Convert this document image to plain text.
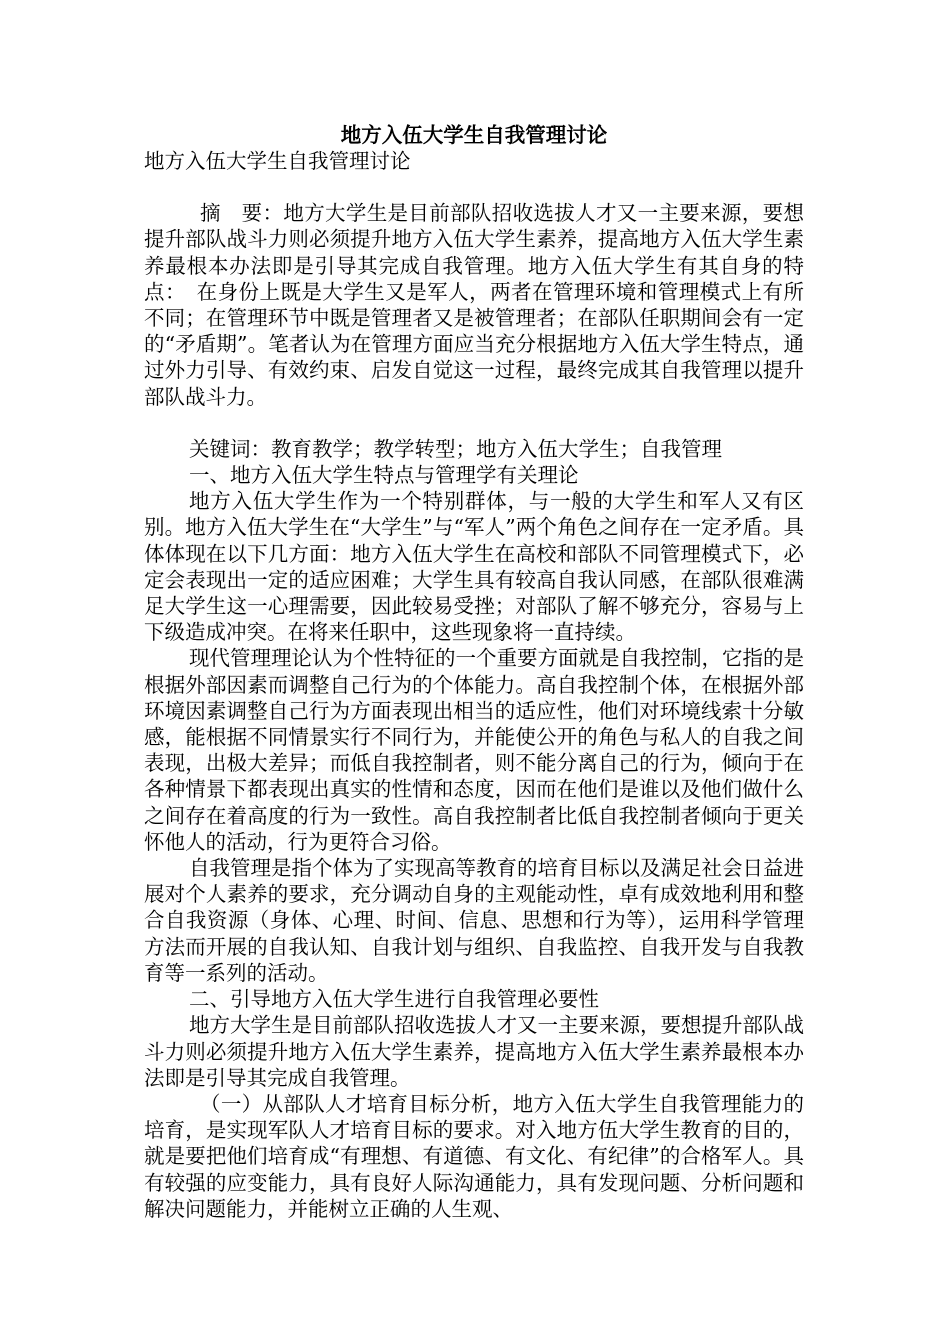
地方入伍大学生自我管理讨论

地方入伍大学生自我管理讨论

摘　要：地方大学生是目前部队招收选拔人才又一主要来源，要想提升部队战斗力则必须提升地方入伍大学生素养，提高地方入伍大学生素养最根本办法即是引导其完成自我管理。地方入伍大学生有其自身的特点：　在身份上既是大学生又是军人，两者在管理环境和管理模式上有所不同；在管理环节中既是管理者又是被管理者；在部队任职期间会有一定的“矛盾期”。笔者认为在管理方面应当充分根据地方入伍大学生特点，通过外力引导、有效约束、启发自觉这一过程，最终完成其自我管理以提升部队战斗力。

关键词：教育教学；教学转型；地方入伍大学生；自我管理

一、地方入伍大学生特点与管理学有关理论

地方入伍大学生作为一个特别群体，与一般的大学生和军人又有区别。地方入伍大学生在“大学生”与“军人”两个角色之间存在一定矛盾。具体体现在以下几方面：地方入伍大学生在高校和部队不同管理模式下，必定会表现出一定的适应困难；大学生具有较高自我认同感，在部队很难满足大学生这一心理需要，因此较易受挫；对部队了解不够充分，容易与上下级造成冲突。在将来任职中，这些现象将一直持续。

现代管理理论认为个性特征的一个重要方面就是自我控制，它指的是根据外部因素而调整自己行为的个体能力。高自我控制个体，在根据外部环境因素调整自己行为方面表现出相当的适应性，他们对环境线索十分敏感，能根据不同情景实行不同行为，并能使公开的角色与私人的自我之间表现，出极大差异；而低自我控制者，则不能分离自己的行为，倾向于在各种情景下都表现出真实的性情和态度，因而在他们是谁以及他们做什么之间存在着高度的行为一致性。高自我控制者比低自我控制者倾向于更关怀他人的活动，行为更符合习俗。

自我管理是指个体为了实现高等教育的培育目标以及满足社会日益进展对个人素养的要求，充分调动自身的主观能动性，卓有成效地利用和整合自我资源（身体、心理、时间、信息、思想和行为等），运用科学管理方法而开展的自我认知、自我计划与组织、自我监控、自我开发与自我教育等一系列的活动。

二、引导地方入伍大学生进行自我管理必要性

地方大学生是目前部队招收选拔人才又一主要来源，要想提升部队战斗力则必须提升地方入伍大学生素养，提高地方入伍大学生素养最根本办法即是引导其完成自我管理。

（一）从部队人才培育目标分析，地方入伍大学生自我管理能力的培育，是实现军队人才培育目标的要求。对入地方伍大学生教育的目的，就是要把他们培育成“有理想、有道德、有文化、有纪律”的合格军人。具有较强的应变能力，具有良好人际沟通能力，具有发现问题、分析问题和解决问题能力，并能树立正确的人生观、
